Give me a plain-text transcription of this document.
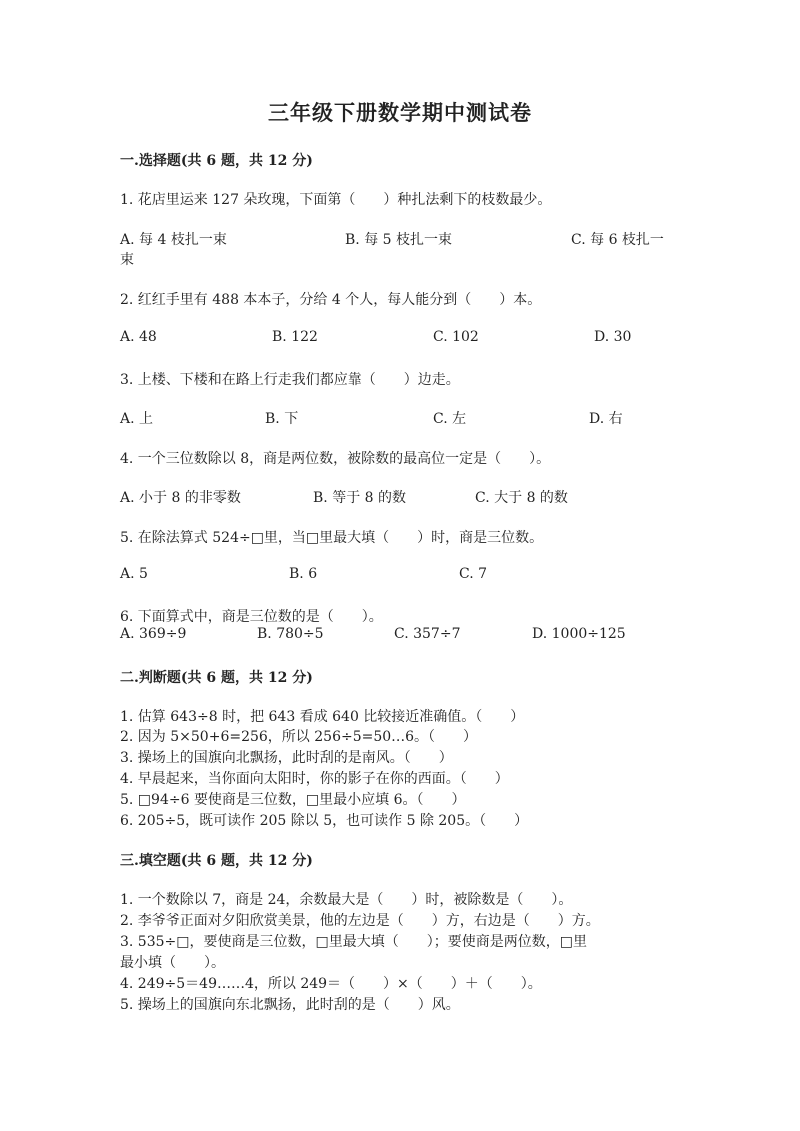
三年级下册数学期中测试卷
一.选择题(共 6 题，共 12 分)

1. 花店里运来 127 朵玫瑰，下面第（　　）种扎法剩下的枝数最少。

A. 每 4 枝扎一束	B. 每 5 枝扎一束	C. 每 6 枝扎一
束

2. 红红手里有 488 本本子，分给 4 个人，每人能分到（　　）本。

A. 48	B. 122	C. 102	D. 30

3. 上楼、下楼和在路上行走我们都应靠（　　）边走。

A. 上	B. 下	C. 左	D. 右

4. 一个三位数除以 8，商是两位数，被除数的最高位一定是（　　）。

A. 小于 8 的非零数	B. 等于 8 的数	C. 大于 8 的数

5. 在除法算式 524÷□里，当□里最大填（　　）时，商是三位数。

A. 5	B. 6	C. 7

6. 下面算式中，商是三位数的是（　　）。

A. 369÷9	B. 780÷5	C. 357÷7	D. 1000÷125
二.判断题(共 6 题，共 12 分)

1. 估算 643÷8 时，把 643 看成 640 比较接近准确值。（　　）

2. 因为 5×50+6=256，所以 256÷5=50…6。（　　）

3. 操场上的国旗向北飘扬，此时刮的是南风。（　　）

4. 早晨起来，当你面向太阳时，你的影子在你的西面。（　　）

5. □94÷6 要使商是三位数，□里最小应填 6。（　　）

6. 205÷5，既可读作 205 除以 5，也可读作 5 除 205。（　　）

三.填空题(共 6 题，共 12 分)

1. 一个数除以 7，商是 24，余数最大是（　　）时，被除数是（　　）。

2. 李爷爷正面对夕阳欣赏美景，他的左边是（　　）方，右边是（　　）方。

3. 535÷□，要使商是三位数，□里最大填（　　）；要使商是两位数，□里

最小填（　　）。

4. 249÷5＝49……4，所以 249＝（　　）×（　　）＋（　　）。

5. 操场上的国旗向东北飘扬，此时刮的是（　　）风。
